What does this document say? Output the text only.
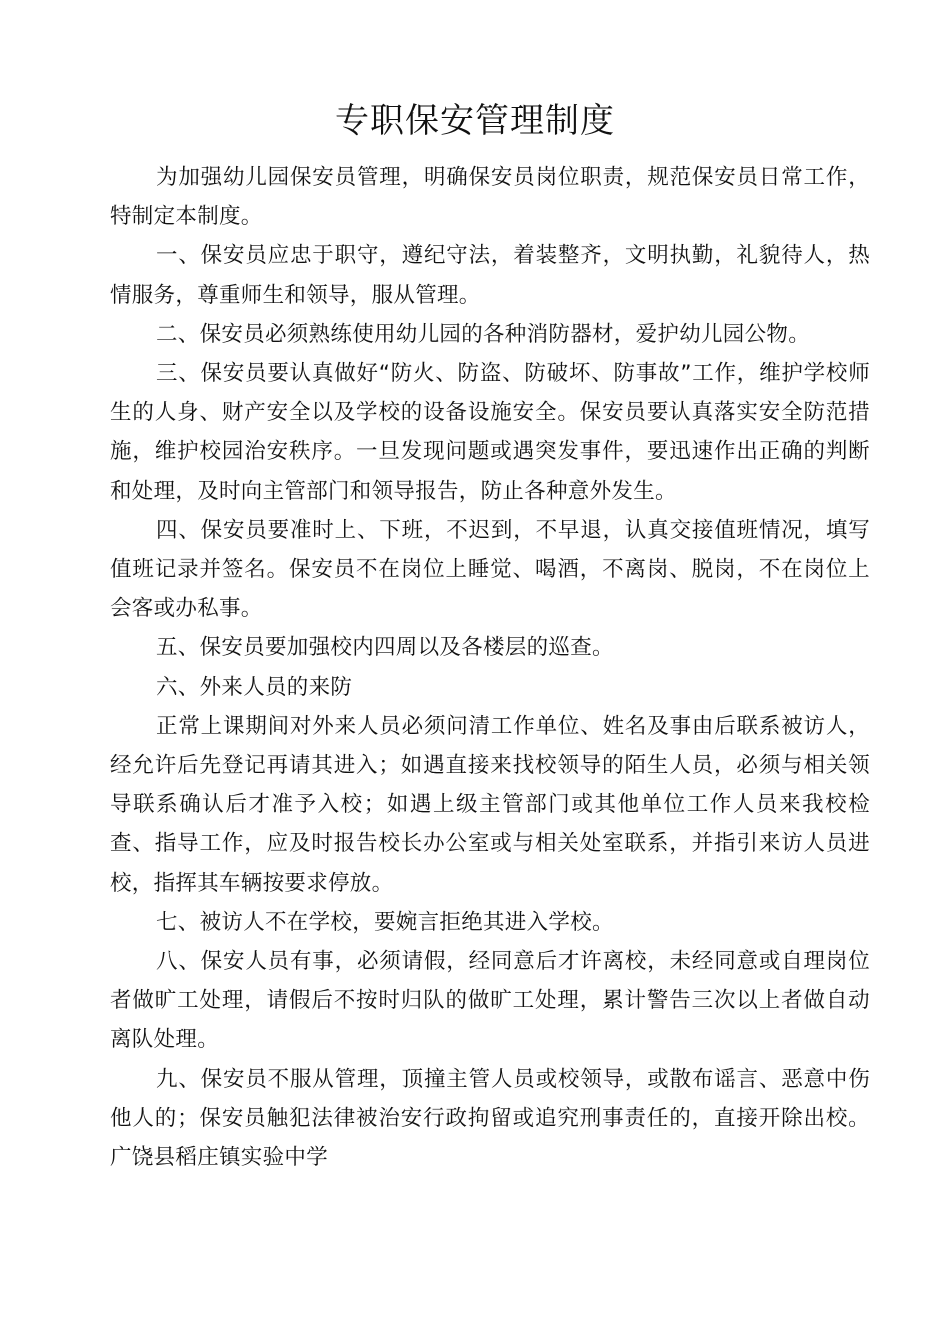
专职保安管理制度

为加强幼儿园保安员管理，明确保安员岗位职责，规范保安员日常工作，特制定本制度。

一、保安员应忠于职守，遵纪守法，着装整齐，文明执勤，礼貌待人，热情服务，尊重师生和领导，服从管理。

二、保安员必须熟练使用幼儿园的各种消防器材，爱护幼儿园公物。

三、保安员要认真做好“防火、防盗、防破坏、防事故”工作，维护学校师生的人身、财产安全以及学校的设备设施安全。保安员要认真落实安全防范措施，维护校园治安秩序。一旦发现问题或遇突发事件，要迅速作出正确的判断和处理，及时向主管部门和领导报告，防止各种意外发生。

四、保安员要准时上、下班，不迟到，不早退，认真交接值班情况，填写值班记录并签名。保安员不在岗位上睡觉、喝酒，不离岗、脱岗，不在岗位上会客或办私事。

五、保安员要加强校内四周以及各楼层的巡查。

六、外来人员的来防

正常上课期间对外来人员必须问清工作单位、姓名及事由后联系被访人，经允许后先登记再请其进入；如遇直接来找校领导的陌生人员，必须与相关领导联系确认后才准予入校；如遇上级主管部门或其他单位工作人员来我校检查、指导工作，应及时报告校长办公室或与相关处室联系，并指引来访人员进校，指挥其车辆按要求停放。

七、被访人不在学校，要婉言拒绝其进入学校。

八、保安人员有事，必须请假，经同意后才许离校，未经同意或自理岗位者做旷工处理，请假后不按时归队的做旷工处理，累计警告三次以上者做自动离队处理。

九、保安员不服从管理，顶撞主管人员或校领导，或散布谣言、恶意中伤他人的；保安员触犯法律被治安行政拘留或追究刑事责任的，直接开除出校。广饶县稻庄镇实验中学
